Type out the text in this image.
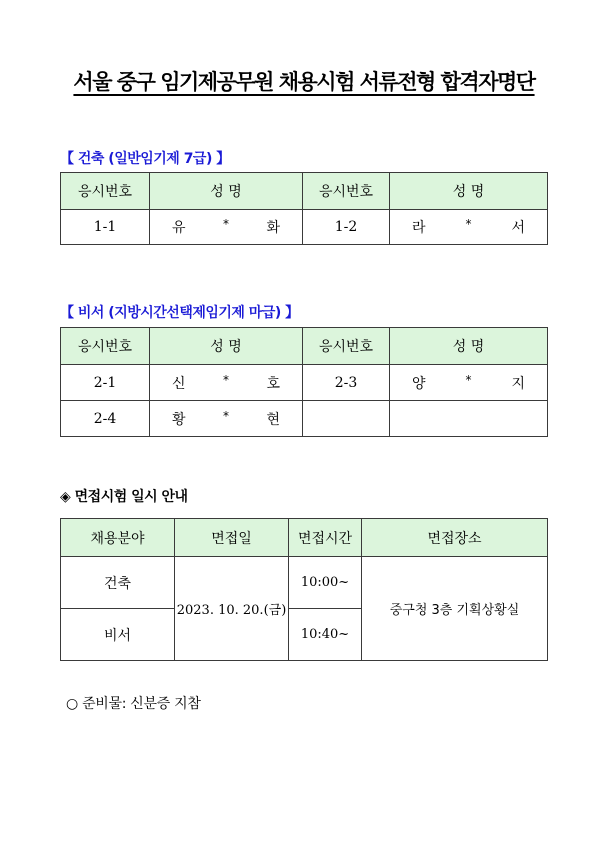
서울 중구 임기제공무원 채용시험 서류전형 합격자명단
【 건축 (일반임기제 7급) 】
응시번호	성 명	응시번호	성 명
1-1	유 * 화	1-2	라 * 서
【 비서 (지방시간선택제임기제 마급) 】
응시번호	성 명	응시번호	성 명
2-1	신 * 호	2-3	양 * 지

2-4	황 * 현		

◈ 면접시험 일시 안내
채용분야	면접일	면접시간	면접장소
건축	2023. 10. 20.(금)	10:00~	중구청 3층 기획상황실
비서		10:40~	
○ 준비물: 신분증 지참
